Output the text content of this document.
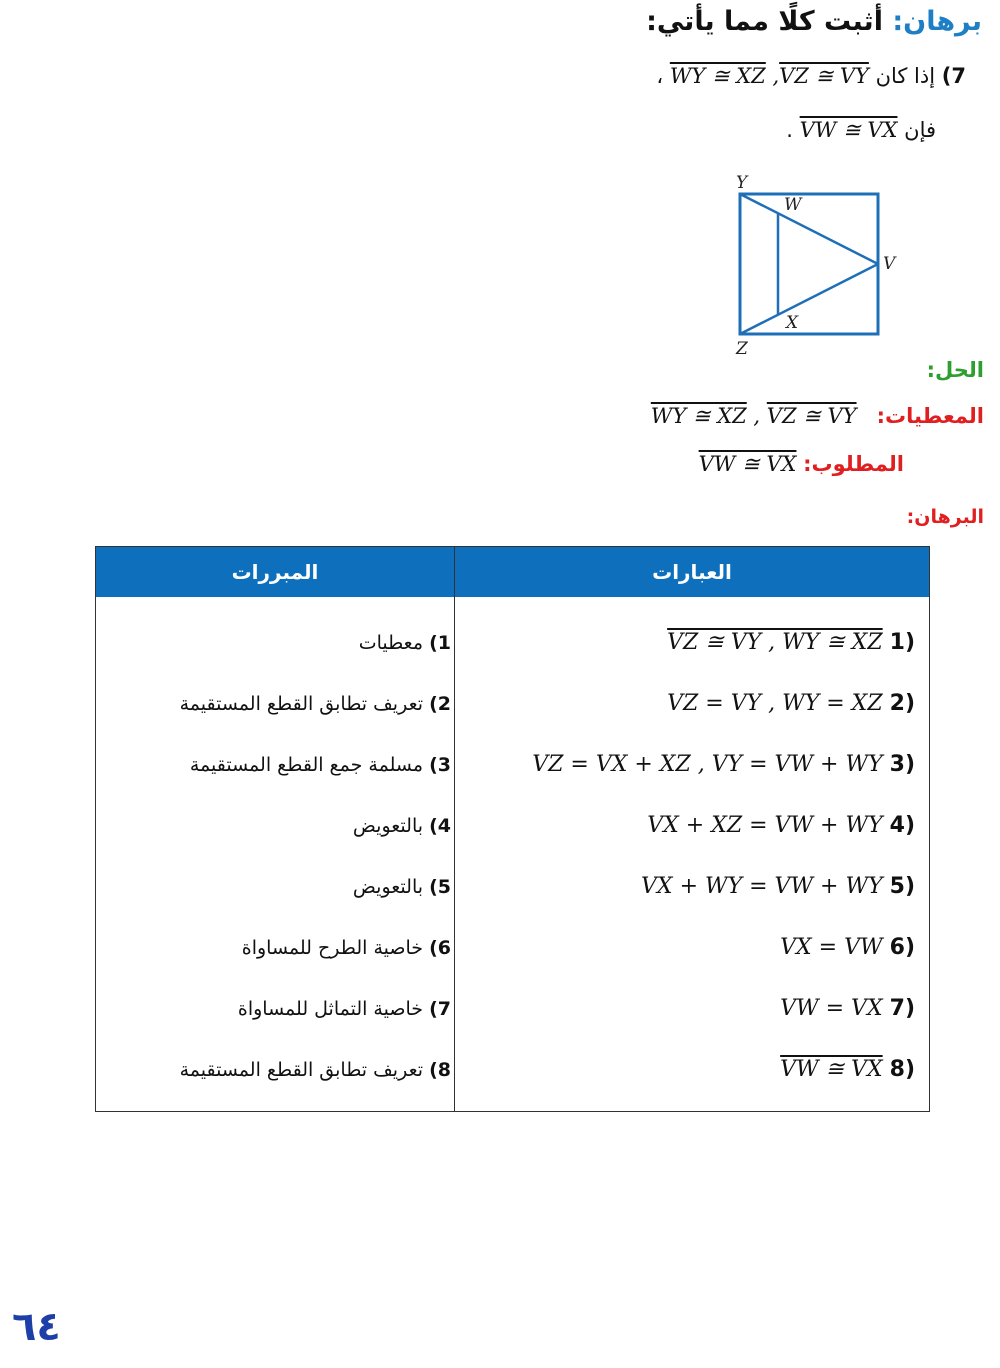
برهان: أثبت كلًا مما يأتي:
7) إذا كان VZ ≅ VY, WY ≅ XZ ،
فإن VW ≅ VX .
Y
W
V
X
Z
الحل:
المعطيات:   VZ ≅ VY , WY ≅ XZ
المطلوب: VW ≅ VX
البرهان:
المبررات	العبارات
1) معطيات	(1 VZ ≅ VY , WY ≅ XZ
2) تعريف تطابق القطع المستقيمة	(2 VZ = VY , WY = XZ
3) مسلمة جمع القطع المستقيمة	(3 VZ = VX + XZ , VY = VW + WY
4) بالتعويض	(4 VX + XZ = VW + WY
5) بالتعويض	(5 VX + WY = VW + WY
6) خاصية الطرح للمساواة	(6 VX = VW
7) خاصية التماثل للمساواة	(7 VW = VX
8) تعريف تطابق القطع المستقيمة	(8 VW ≅ VX
٦٤
